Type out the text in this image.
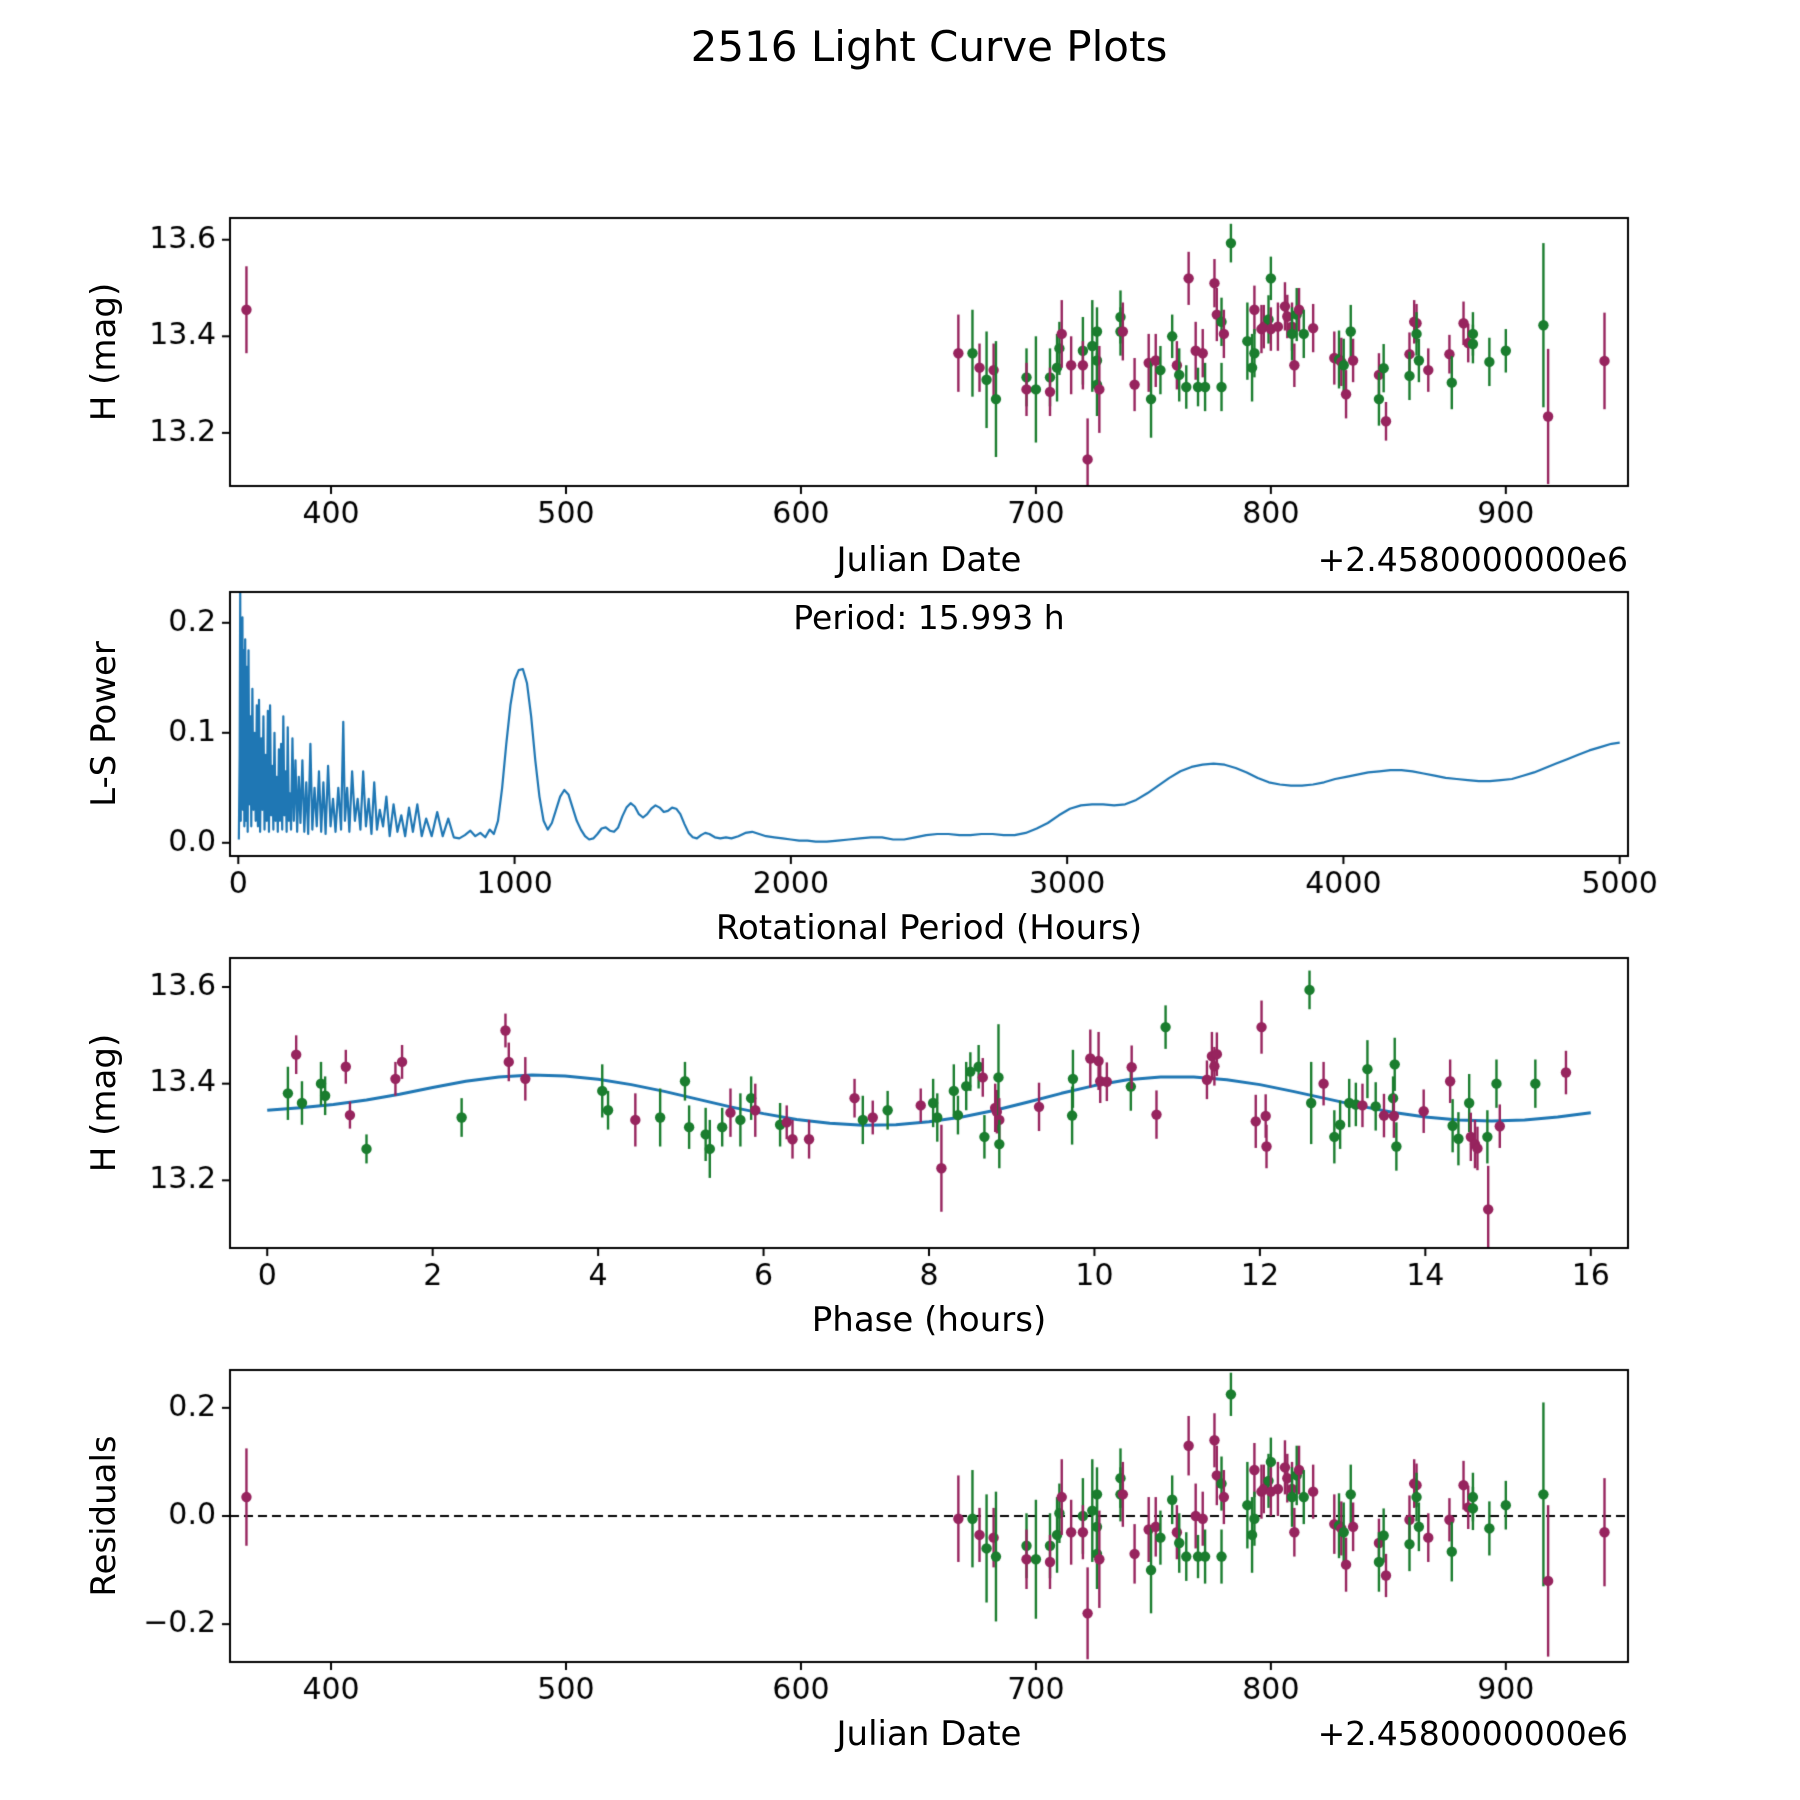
2516 Light Curve Plots
H (mag)
L-S Power
H (mag)
Residuals
Julian Date	+2.4580000000e6
Period: 15.993 h
Rotational Period (Hours)
Phase (hours)
Julian Date	+2.4580000000e6
